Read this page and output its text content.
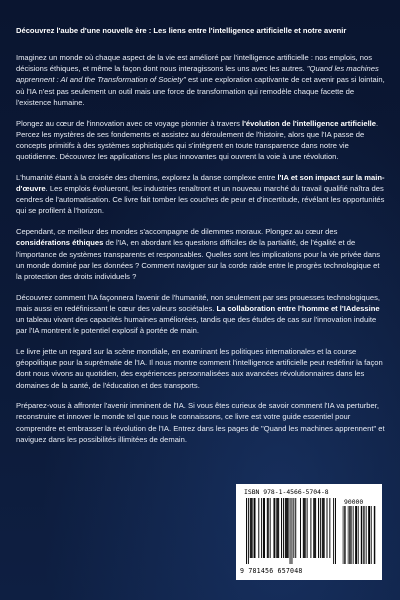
Découvrez l'aube d'une nouvelle ère : Les liens entre l'intelligence artificielle et notre avenir

Imaginez un monde où chaque aspect de la vie est amélioré par l'intelligence artificielle : nos emplois, nos décisions éthiques, et même la façon dont nous interagissons les uns avec les autres. "Quand les machines apprennent : AI and the Transformation of Society" est une exploration captivante de cet avenir pas si lointain, où l'IA n'est pas seulement un outil mais une force de transformation qui remodèle chaque facette de l'existence humaine.

Plongez au cœur de l'innovation avec ce voyage pionnier à travers l'évolution de l'intelligence artificielle. Percez les mystères de ses fondements et assistez au déroulement de l'histoire, alors que l'IA passe de concepts primitifs à des systèmes sophistiqués qui s'intègrent en toute transparence dans notre vie quotidienne. Découvrez les applications les plus innovantes qui ouvrent la voie à une révolution.

L'humanité étant à la croisée des chemins, explorez la danse complexe entre l'IA et son impact sur la main-d'œuvre. Les emplois évolueront, les industries renaîtront et un nouveau marché du travail qualifié naîtra des cendres de l'automatisation. Ce livre fait tomber les couches de peur et d'incertitude, révélant les opportunités qui se profilent à l'horizon.

Cependant, ce meilleur des mondes s'accompagne de dilemmes moraux. Plongez au cœur des considérations éthiques de l'IA, en abordant les questions difficiles de la partialité, de l'égalité et de l'importance de systèmes transparents et responsables. Quelles sont les implications pour la vie privée dans un monde dominé par les données ? Comment naviguer sur la corde raide entre le progrès technologique et la protection des droits individuels ?

Découvrez comment l'IA façonnera l'avenir de l'humanité, non seulement par ses prouesses technologiques, mais aussi en redéfinissant le cœur des valeurs sociétales. La collaboration entre l'homme et l'IAdessine un tableau vivant des capacités humaines améliorées, tandis que des études de cas sur l'innovation induite par l'IA montrent le potentiel explosif à portée de main.

Le livre jette un regard sur la scène mondiale, en examinant les politiques internationales et la course géopolitique pour la suprématie de l'IA. Il nous montre comment l'intelligence artificielle peut redéfinir la façon dont nous vivons au quotidien, des expériences personnalisées aux avancées révolutionnaires dans les domaines de la santé, de l'éducation et des transports.

Préparez-vous à affronter l'avenir imminent de l'IA. Si vous êtes curieux de savoir comment l'IA va perturber, reconstruire et innover le monde tel que nous le connaissons, ce livre est votre guide essentiel pour comprendre et embrasser la révolution de l'IA. Entrez dans les pages de "Quand les machines apprennent" et naviguez dans les possibilités illimitées de demain.

ISBN 978-1-4566-5704-8
90000
9 781456 657048
